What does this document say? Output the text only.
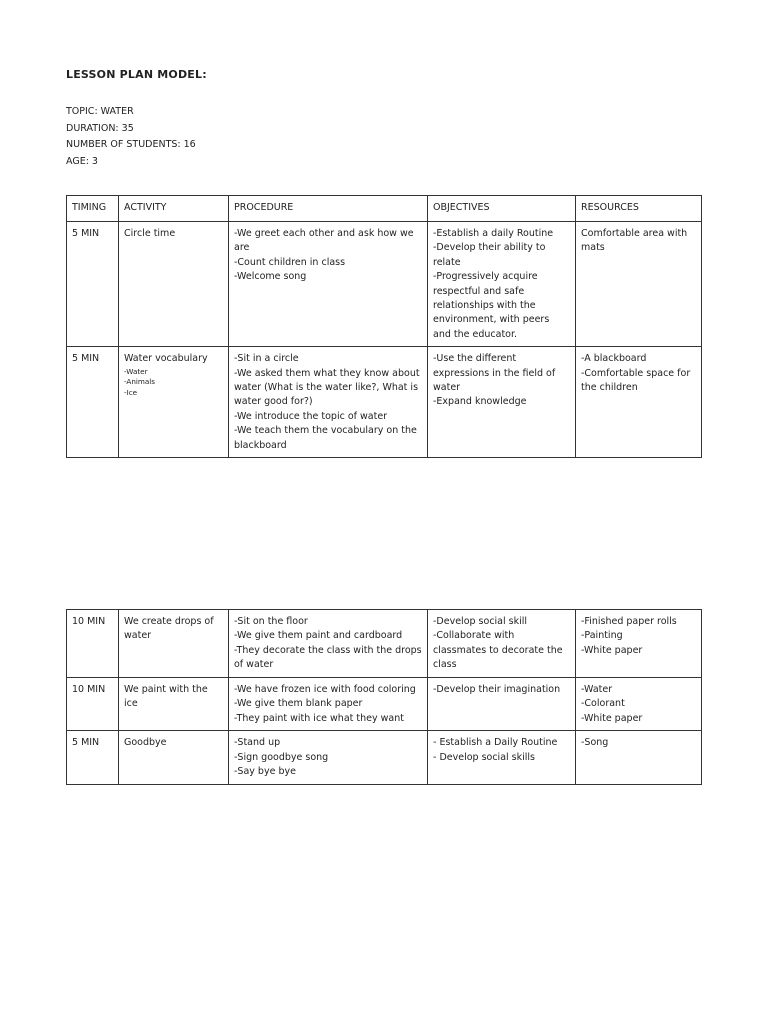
LESSON PLAN MODEL:
TOPIC: WATER
DURATION: 35
NUMBER OF STUDENTS: 16
AGE: 3
TIMING	ACTIVITY	PROCEDURE	OBJECTIVES	RESOURCES
5 MIN	Circle time	-We greet each other and ask how we are
-Count children in class
-Welcome song	-Establish a daily Routine
-Develop their ability to relate
-Progressively acquire respectful and safe relationships with the environment, with peers and the educator.	Comfortable area with mats

5 MIN	Water vocabulary
-Water
-Animals
-Ice	-Sit in a circle
-We asked them what they know about water (What is the water like?, What is water good for?)
-We introduce the topic of water
-We teach them the vocabulary on the blackboard	-Use the different expressions in the field of water
-Expand knowledge	-A blackboard
-Comfortable space for the children
10 MIN	We create drops of water	-Sit on the floor
-We give them paint and cardboard
-They decorate the class with the drops of water	-Develop social skill
-Collaborate with classmates to decorate the class	-Finished paper rolls
-Painting
-White paper

10 MIN	We paint with the ice	-We have frozen ice with food coloring
-We give them blank paper
-They paint with ice what they want	-Develop their imagination	-Water
-Colorant
-White paper

5 MIN	Goodbye	-Stand up
-Sign goodbye song
-Say bye bye	- Establish a Daily Routine
- Develop social skills	-Song
